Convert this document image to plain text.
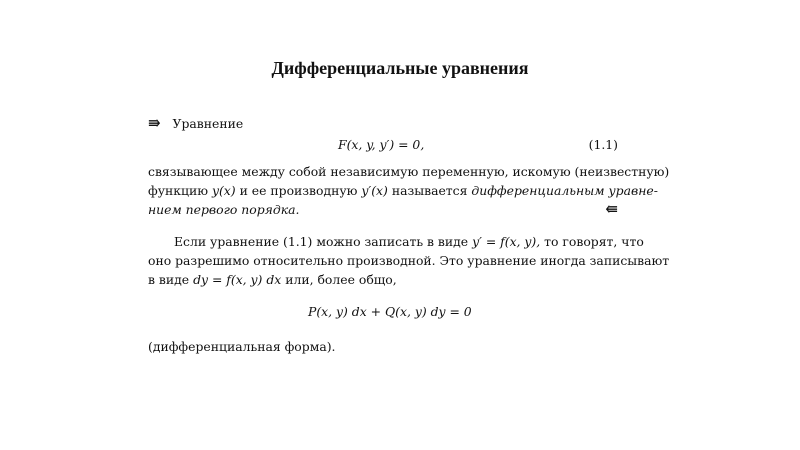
Дифференциальные уравнения
⇛ Уравнение
F(x, y, y′) = 0,	(1.1)
связывающее между собой независимую переменную, искомую (неизвестную)
функцию y(x) и ее производную y′(x) называется дифференциальным уравне-
нием первого порядка.	⇚
Если уравнение (1.1) можно записать в виде y′ = f(x, y), то говорят, что
оно разрешимо относительно производной. Это уравнение иногда записывают
в виде dy = f(x, y) dx или, более общо,
P(x, y) dx + Q(x, y) dy = 0
(дифференциальная форма).
